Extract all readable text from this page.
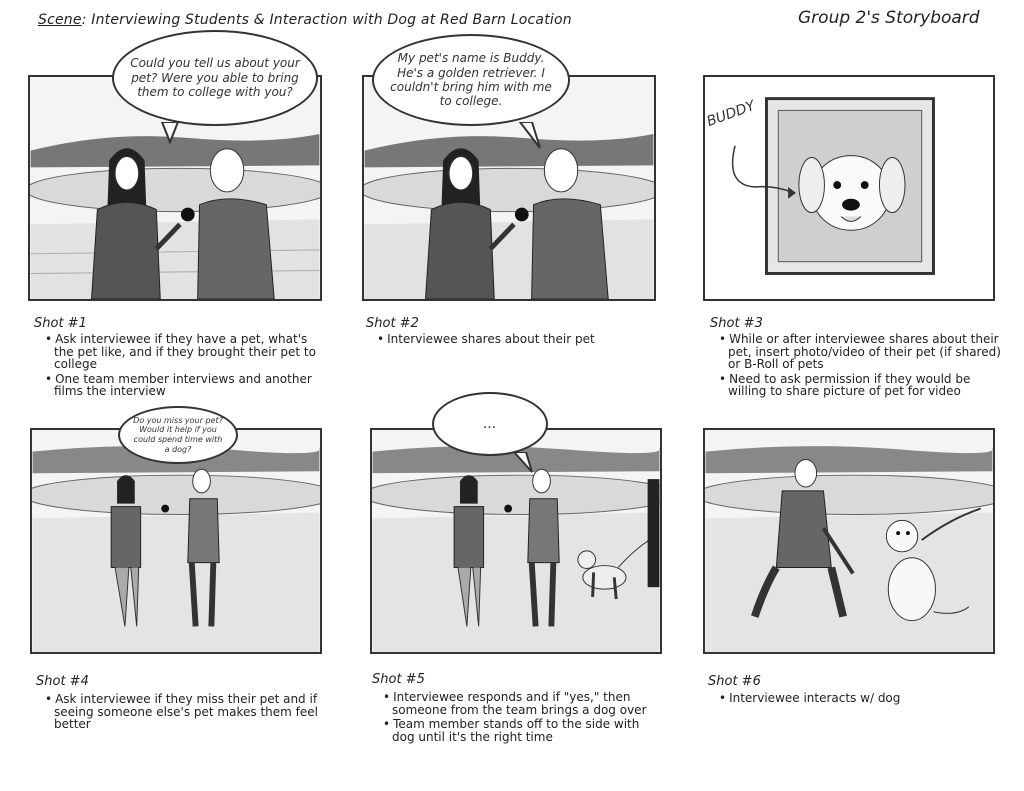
Scene: Interviewing Students & Interaction with Dog at Red Barn Location	Group 2's Storyboard
Could you tell us about your pet? Were you able to bring them to college with you?
My pet's name is Buddy. He's a golden retriever. I couldn't bring him with me to college.	BUDDY
Do you miss your pet? Would it help if you could spend time with a dog?
...
Shot #1
• Ask interviewee if they have a pet, what's the pet like, and if they brought their pet to college
• One team member interviews and another films the interview
Shot #2
• Interviewee shares about their pet
Shot #3
• While or after interviewee shares about their pet, insert photo/video of their pet (if shared) or B-Roll of pets
• Need to ask permission if they would be willing to share picture of pet for video
Shot #4
• Ask interviewee if they miss their pet and if seeing someone else's pet makes them feel better
Shot #5
• Interviewee responds and if "yes," then someone from the team brings a dog over
• Team member stands off to the side with dog until it's the right time
Shot #6
• Interviewee interacts w/ dog
